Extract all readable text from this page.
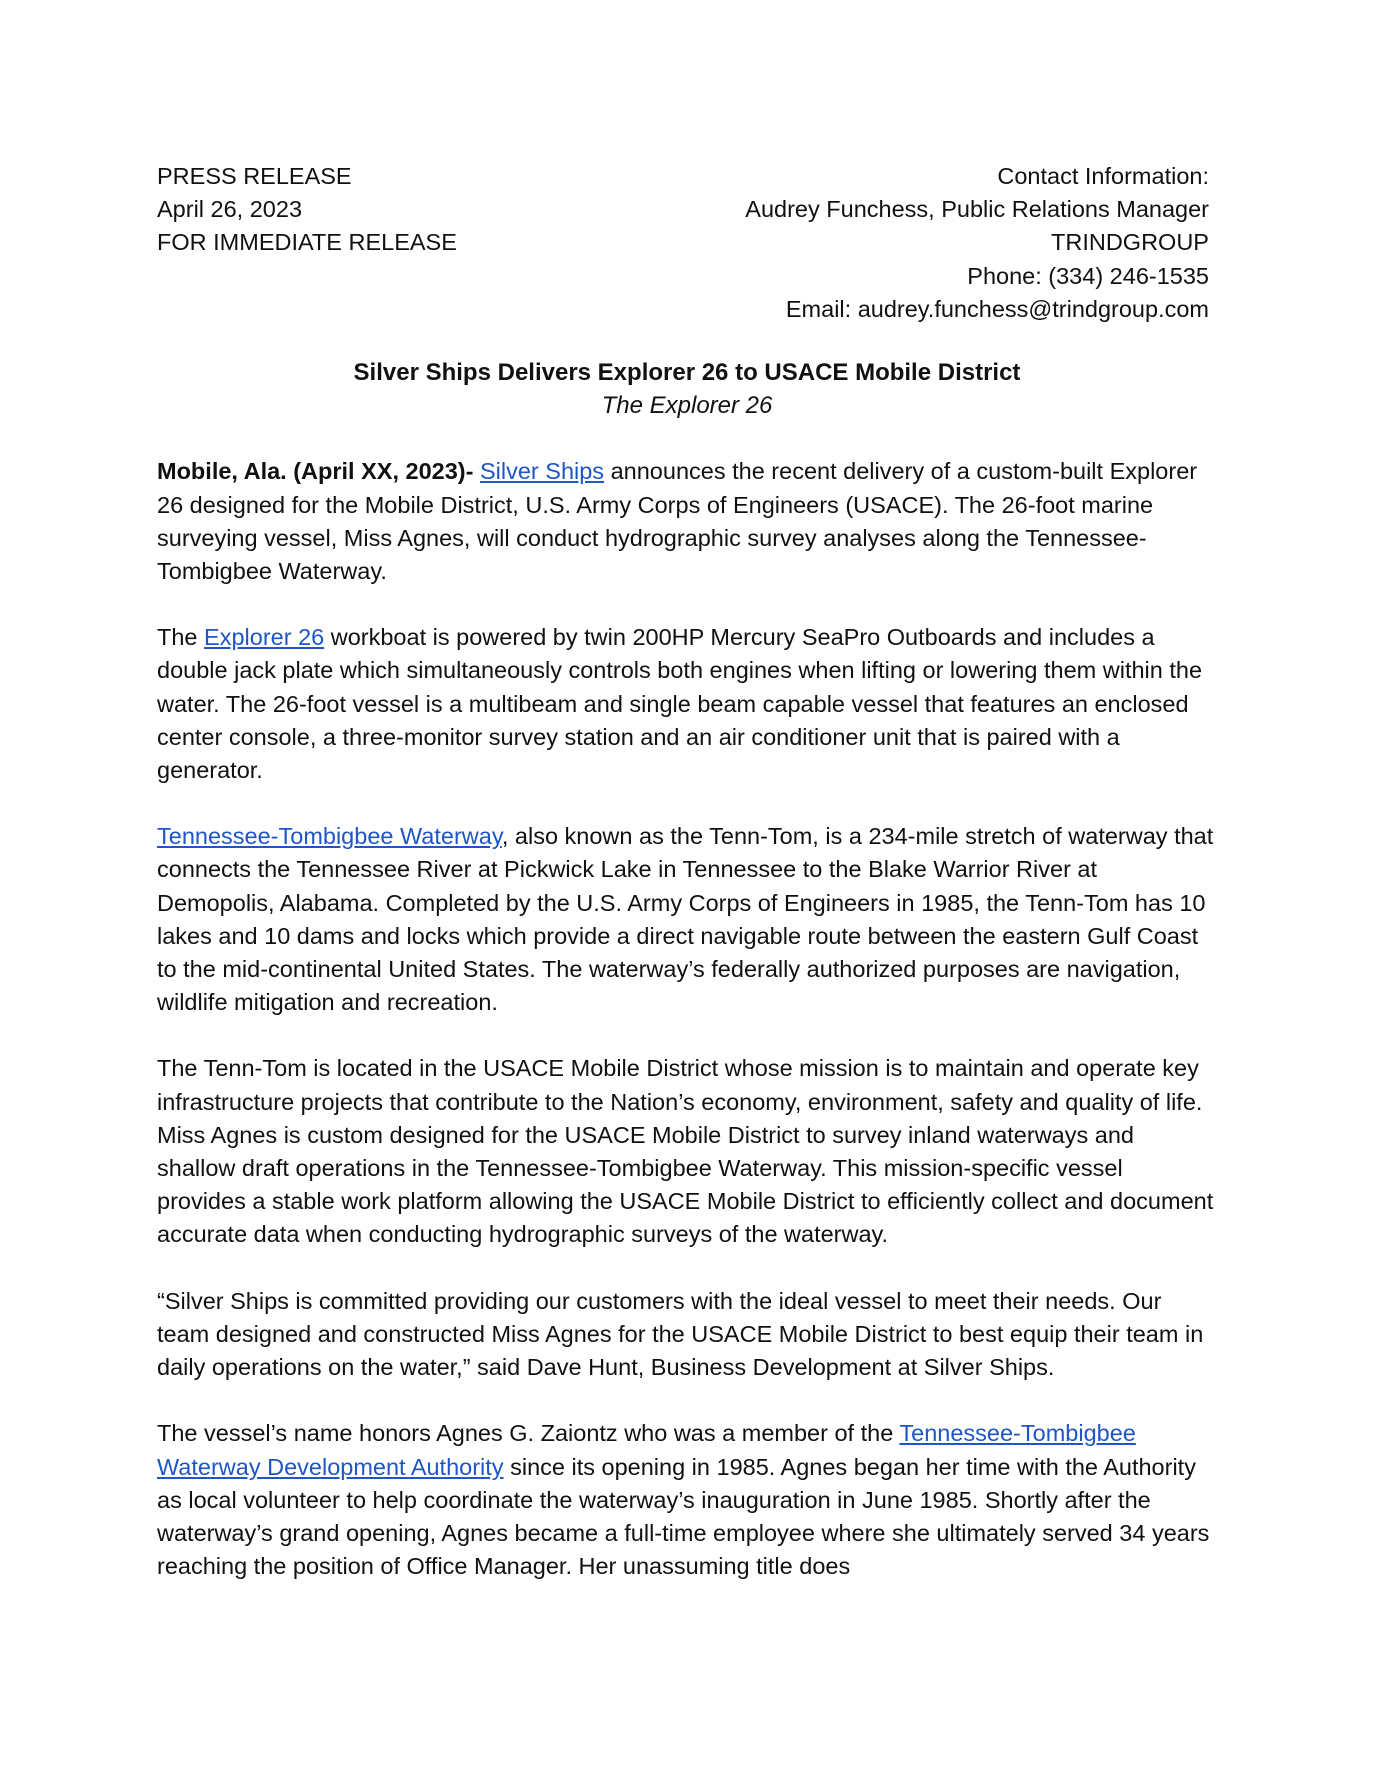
PRESS RELEASE
April 26, 2023
FOR IMMEDIATE RELEASE
Contact Information:
Audrey Funchess, Public Relations Manager
TRINDGROUP
Phone: (334) 246-1535
Email: audrey.funchess@trindgroup.com
Silver Ships Delivers Explorer 26 to USACE Mobile District
The Explorer 26

Mobile, Ala. (April XX, 2023)- Silver Ships announces the recent delivery of a custom-built Explorer 26 designed for the Mobile District, U.S. Army Corps of Engineers (USACE). The 26-foot marine surveying vessel, Miss Agnes, will conduct hydrographic survey analyses along the Tennessee-Tombigbee Waterway.

The Explorer 26 workboat is powered by twin 200HP Mercury SeaPro Outboards and includes a double jack plate which simultaneously controls both engines when lifting or lowering them within the water. The 26-foot vessel is a multibeam and single beam capable vessel that features an enclosed center console, a three-monitor survey station and an air conditioner unit that is paired with a generator.

Tennessee-Tombigbee Waterway, also known as the Tenn-Tom, is a 234-mile stretch of waterway that connects the Tennessee River at Pickwick Lake in Tennessee to the Blake Warrior River at Demopolis, Alabama. Completed by the U.S. Army Corps of Engineers in 1985, the Tenn-Tom has 10 lakes and 10 dams and locks which provide a direct navigable route between the eastern Gulf Coast to the mid-continental United States. The waterway’s federally authorized purposes are navigation, wildlife mitigation and recreation.

The Tenn-Tom is located in the USACE Mobile District whose mission is to maintain and operate key infrastructure projects that contribute to the Nation’s economy, environment, safety and quality of life. Miss Agnes is custom designed for the USACE Mobile District to survey inland waterways and shallow draft operations in the Tennessee-Tombigbee Waterway. This mission-specific vessel provides a stable work platform allowing the USACE Mobile District to efficiently collect and document accurate data when conducting hydrographic surveys of the waterway.

“Silver Ships is committed providing our customers with the ideal vessel to meet their needs. Our team designed and constructed Miss Agnes for the USACE Mobile District to best equip their team in daily operations on the water,” said Dave Hunt, Business Development at Silver Ships.

The vessel’s name honors Agnes G. Zaiontz who was a member of the Tennessee-Tombigbee Waterway Development Authority since its opening in 1985. Agnes began her time with the Authority as local volunteer to help coordinate the waterway’s inauguration in June 1985. Shortly after the waterway’s grand opening, Agnes became a full-time employee where she ultimately served 34 years reaching the position of Office Manager. Her unassuming title does
